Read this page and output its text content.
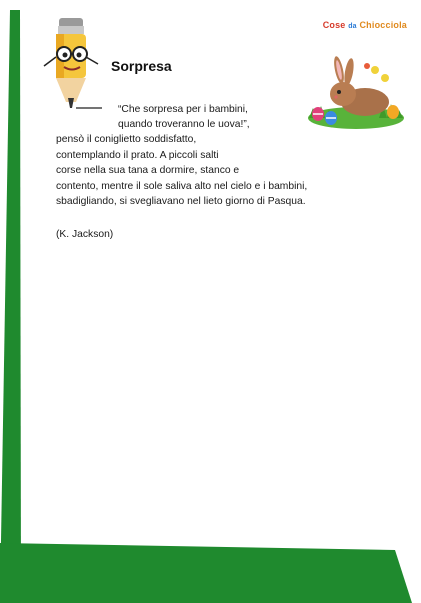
Cose da Chiocciola
Sorpresa
“Che sorpresa per i bambini,
quando troveranno le uova!”,
pensò il coniglietto soddisfatto,
contemplando il prato. A piccoli salti
corse nella sua tana a dormire, stanco e
contento, mentre il sole saliva alto nel cielo e i bambini,
sbadigliando, si svegliavano nel lieto giorno di Pasqua.
(K. Jackson)
